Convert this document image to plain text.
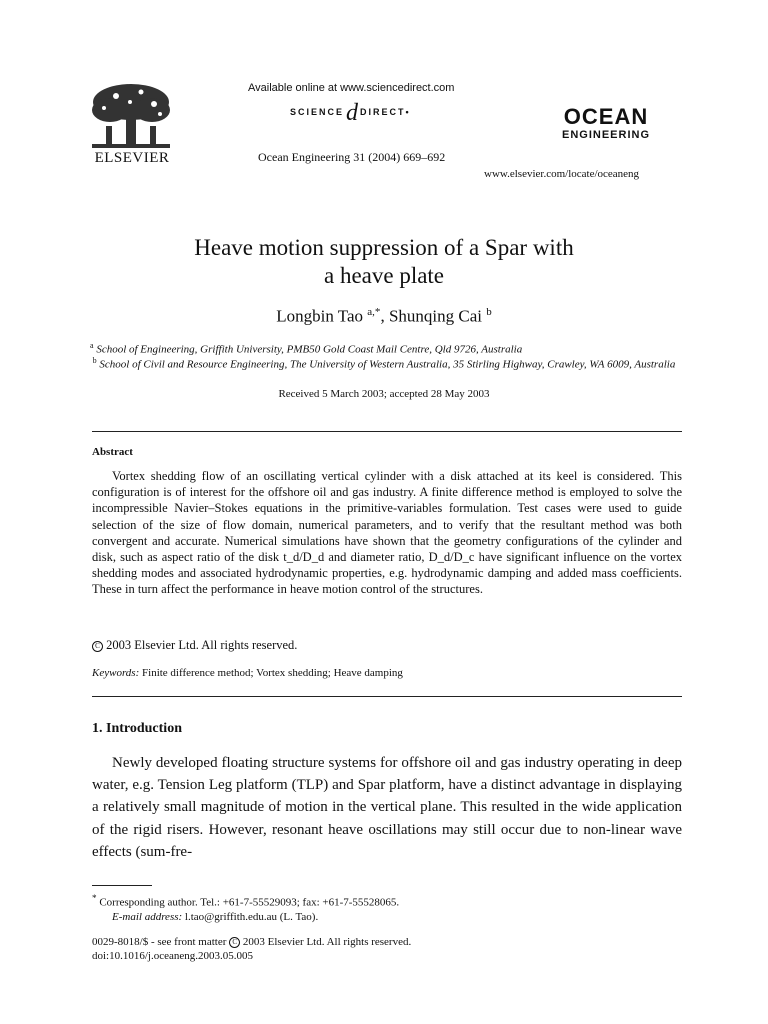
ELSEVIER
Available online at www.sciencedirect.com
SCIENCEd DIRECT•
Ocean Engineering 31 (2004) 669–692
OCEAN
ENGINEERING
www.elsevier.com/locate/oceaneng
Heave motion suppression of a Spar with
a heave plate
Longbin Tao $^{a,*}$, Shunqing Cai $^b$
$^a$ School of Engineering, Griffith University, PMB50 Gold Coast Mail Centre, Qld 9726, Australia
$^b$ School of Civil and Resource Engineering, The University of Western Australia, 35 Stirling Highway, Crawley, WA 6009, Australia
Received 5 March 2003; accepted 28 May 2003
Abstract
Vortex shedding flow of an oscillating vertical cylinder with a disk attached at its keel is considered. This configuration is of interest for the offshore oil and gas industry. A finite difference method is employed to solve the incompressible Navier–Stokes equations in the primitive-variables formulation. Test cases were used to guide selection of the size of flow domain, numerical parameters, and to verify that the resultant method was both convergent and accurate. Numerical simulations have shown that the geometry configurations of the cylinder and disk, such as aspect ratio of the disk t_d/D_d and diameter ratio, D_d/D_c have significant influence on the vortex shedding modes and associated hydrodynamic properties, e.g. hydrodynamic damping and added mass coefficients. These in turn affect the performance in heave motion control of the structures.
C 2003 Elsevier Ltd. All rights reserved.
Keywords: Finite difference method; Vortex shedding; Heave damping
1. Introduction
Newly developed floating structure systems for offshore oil and gas industry operating in deep water, e.g. Tension Leg platform (TLP) and Spar platform, have a distinct advantage in displaying a relatively small magnitude of motion in the vertical plane. This resulted in the wide application of the rigid risers. However, resonant heave oscillations may still occur due to non-linear wave effects (sum-fre-
* Corresponding author. Tel.: +61-7-55529093; fax: +61-7-55528065.
E-mail address: l.tao@griffith.edu.au (L. Tao).
0029-8018/$ - see front matter C 2003 Elsevier Ltd. All rights reserved.
doi:10.1016/j.oceaneng.2003.05.005
